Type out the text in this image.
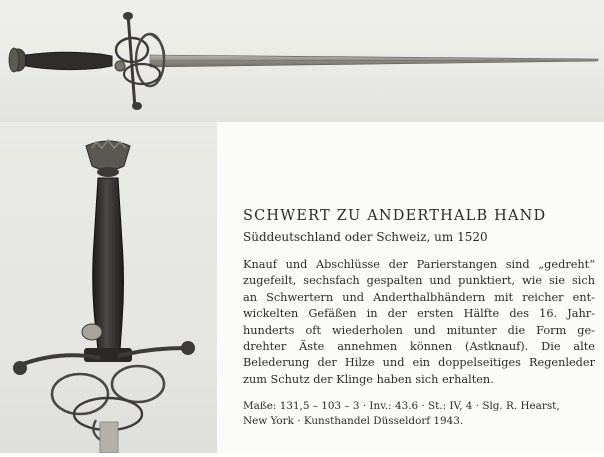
SCHWERT ZU ANDERTHALB HAND
Süddeutschland oder Schweiz, um 1520
Knauf und Abschlüsse der Parierstangen sind „gedreht“
zugefeilt, sechsfach gespalten und punktiert, wie sie sich
an Schwertern und Anderthalbhändern mit reicher ent-
wickelten Gefäßen in der ersten Hälfte des 16. Jahr-
hunderts oft wiederholen und mitunter die Form ge-
drehter Äste annehmen können (Astknauf). Die alte
Belederung der Hilze und ein doppelseitiges Regenleder
zum Schutz der Klinge haben sich erhalten.
Maße: 131,5 – 103 – 3 · Inv.: 43.6 · St.: IV, 4 · Slg. R. Hearst,
New York · Kunsthandel Düsseldorf 1943.
